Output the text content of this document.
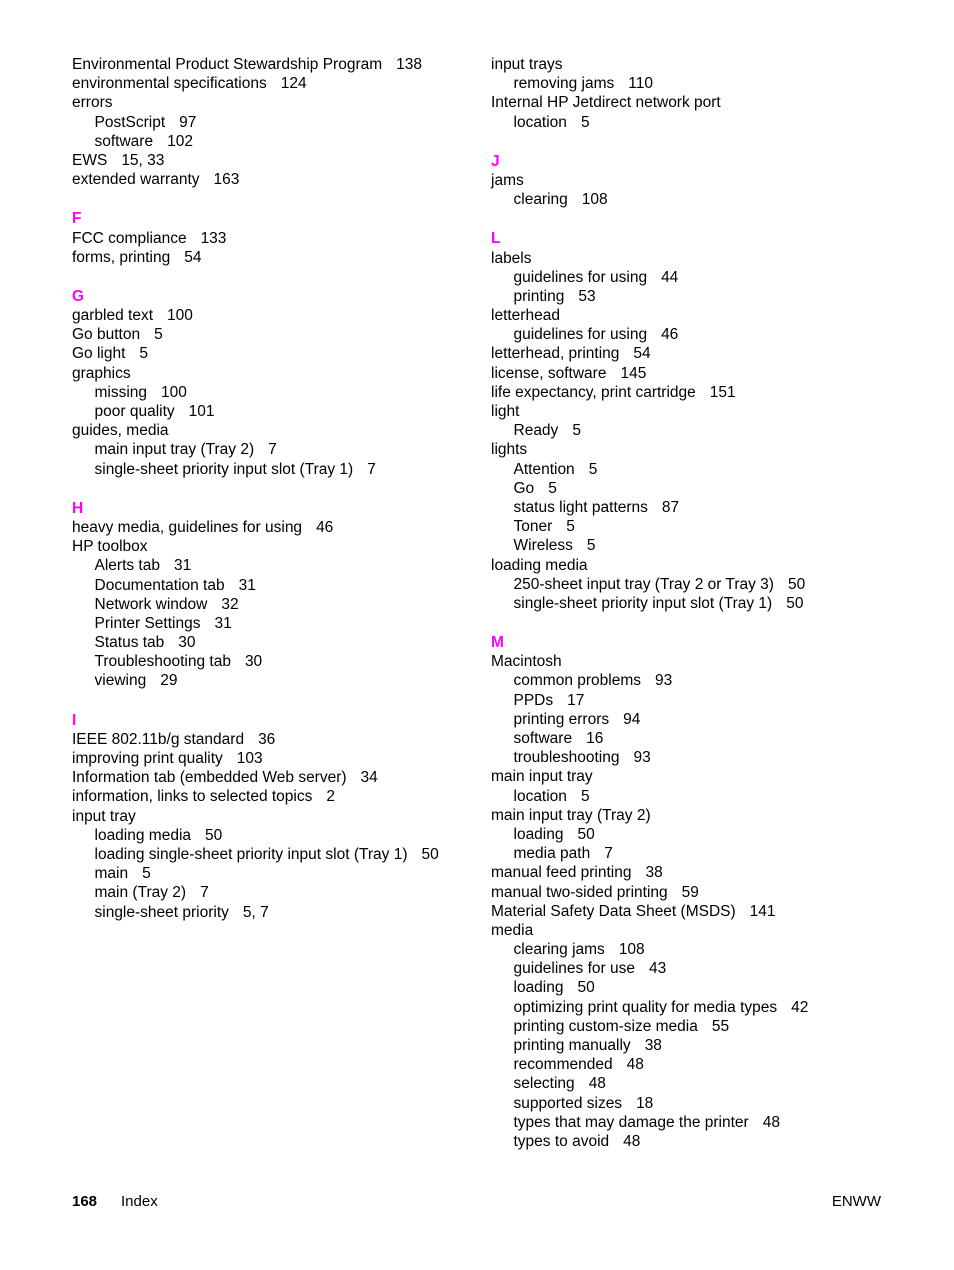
Environmental Product Stewardship Program 138
environmental specifications 124
errors
PostScript 97
software 102
EWS 15, 33
extended warranty 163
F
FCC compliance 133
forms, printing 54
G
garbled text 100
Go button 5
Go light 5
graphics
missing 100
poor quality 101
guides, media
main input tray (Tray 2) 7
single-sheet priority input slot (Tray 1) 7
H
heavy media, guidelines for using 46
HP toolbox
Alerts tab 31
Documentation tab 31
Network window 32
Printer Settings 31
Status tab 30
Troubleshooting tab 30
viewing 29
I
IEEE 802.11b/g standard 36
improving print quality 103
Information tab (embedded Web server) 34
information, links to selected topics 2
input tray
loading media 50
loading single-sheet priority input slot (Tray 1) 50
main 5
main (Tray 2) 7
single-sheet priority 5, 7
input trays
removing jams 110
Internal HP Jetdirect network port
location 5
J
jams
clearing 108
L
labels
guidelines for using 44
printing 53
letterhead
guidelines for using 46
letterhead, printing 54
license, software 145
life expectancy, print cartridge 151
light
Ready 5
lights
Attention 5
Go 5
status light patterns 87
Toner 5
Wireless 5
loading media
250-sheet input tray (Tray 2 or Tray 3) 50
single-sheet priority input slot (Tray 1) 50
M
Macintosh
common problems 93
PPDs 17
printing errors 94
software 16
troubleshooting 93
main input tray
location 5
main input tray (Tray 2)
loading 50
media path 7
manual feed printing 38
manual two-sided printing 59
Material Safety Data Sheet (MSDS) 141
media
clearing jams 108
guidelines for use 43
loading 50
optimizing print quality for media types 42
printing custom-size media 55
printing manually 38
recommended 48
selecting 48
supported sizes 18
types that may damage the printer 48
types to avoid 48
168 Index	ENWW
